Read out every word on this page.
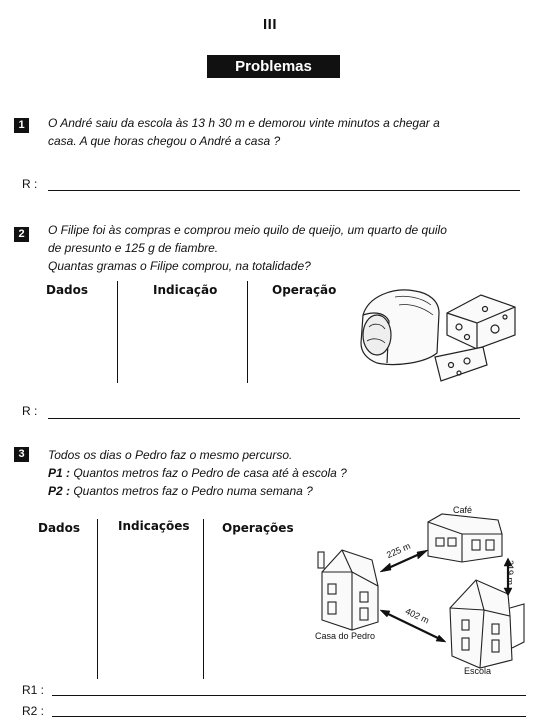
III
Problemas
1	O André saiu da escola às 13 h 30 m e demorou vinte minutos a chegar a
casa. A que horas chegou o André a casa ?
R :
2	O Filipe foi às compras e comprou meio quilo de queijo, um quarto de quilo
de presunto e 125 g de fiambre.
Quantas gramas o Filipe comprou, na totalidade?
Dados	Indicação	Operação
R :
3	Todos os dias o Pedro faz o mesmo percurso.
P1 : Quantos metros faz o Pedro de casa até à escola ?
P2 : Quantos metros faz o Pedro numa semana ?
Dados	Indicações	Operações
Café
Casa do Pedro
Escola
225 m
319 m
402 m
R1 :
R2 :
